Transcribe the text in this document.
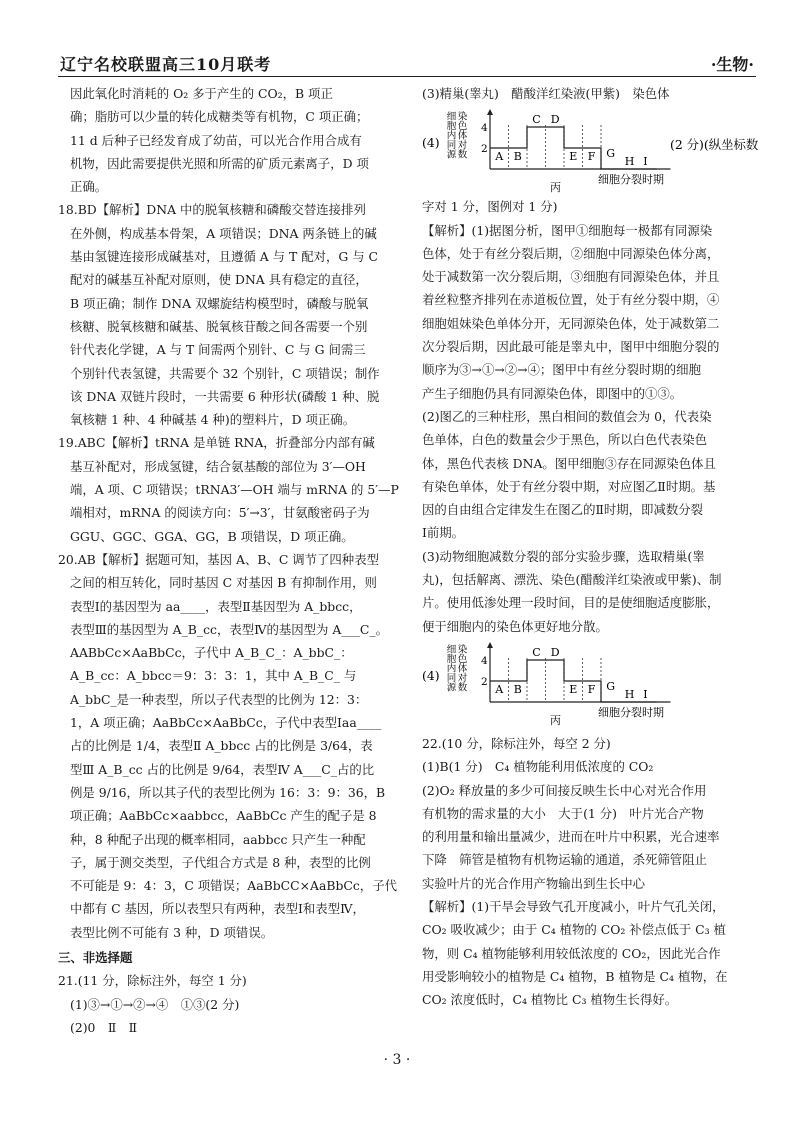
辽宁名校联盟高三10月联考	·生物·

因此氧化时消耗的 O₂ 多于产生的 CO₂，B 项正

确；脂肪可以少量的转化成糖类等有机物，C 项正确；

11 d 后种子已经发育成了幼苗，可以光合作用合成有

机物，因此需要提供光照和所需的矿质元素离子，D 项

正确。

18.BD【解析】DNA 中的脱氧核糖和磷酸交替连接排列

在外侧，构成基本骨架，A 项错误；DNA 两条链上的碱

基由氢键连接形成碱基对，且遵循 A 与 T 配对，G 与 C

配对的碱基互补配对原则，使 DNA 具有稳定的直径，

B 项正确；制作 DNA 双螺旋结构模型时，磷酸与脱氧

核糖、脱氧核糖和碱基、脱氧核苷酸之间各需要一个别

针代表化学键，A 与 T 间需两个别针、C 与 G 间需三

个别针代表氢键，共需要个 32 个别针，C 项错误；制作

该 DNA 双链片段时，一共需要 6 种形状(磷酸 1 种、脱

氧核糖 1 种、4 种碱基 4 种)的塑料片，D 项正确。

19.ABC【解析】tRNA 是单链 RNA，折叠部分内部有碱

基互补配对，形成氢键，结合氨基酸的部位为 3′—OH

端，A 项、C 项错误；tRNA3′—OH 端与 mRNA 的 5′—P

端相对，mRNA 的阅读方向：5′→3′，甘氨酸密码子为

GGU、GGC、GGA、GG，B 项错误，D 项正确。

20.AB【解析】据题可知，基因 A、B、C 调节了四种表型

之间的相互转化，同时基因 C 对基因 B 有抑制作用，则

表型Ⅰ的基因型为 aa____，表型Ⅱ基因型为 A_bbcc，

表型Ⅲ的基因型为 A_B_cc，表型Ⅳ的基因型为 A___C_。

AABbCc×AaBbCc，子代中 A_B_C_：A_bbC_：

A_B_cc：A_bbcc＝9：3：3：1，其中 A_B_C_ 与

A_bbC_是一种表型，所以子代表型的比例为 12：3：

1，A 项正确；AaBbCc×AaBbCc，子代中表型Ⅰaa____

占的比例是 1/4，表型Ⅱ A_bbcc 占的比例是 3/64，表

型Ⅲ A_B_cc 占的比例是 9/64，表型Ⅳ A___C_占的比

例是 9/16，所以其子代的表型比例为 16：3：9：36，B

项正确；AaBbCc×aabbcc，AaBbCc 产生的配子是 8

种，8 种配子出现的概率相同，aabbcc 只产生一种配

子，属于测交类型，子代组合方式是 8 种，表型的比例

不可能是 9：4：3，C 项错误；AaBbCC×AaBbCc，子代

中都有 C 基因，所以表型只有两种，表型Ⅰ和表型Ⅳ，

表型比例不可能有 3 种，D 项错误。

三、非选择题

21.(11 分，除标注外，每空 1 分)

(1)③→①→②→④　①③(2 分)

(2)0　Ⅱ　Ⅱ

(3)精巢(睾丸)　醋酸洋红染液(甲紫)　染色体

(4) 细胞内同源 染色体对数 2
4
A B
C D
E F G
H I
细胞分裂时期
丙
(2 分)(纵坐标数

字对 1 分，图例对 1 分)

【解析】(1)据图分析，图甲①细胞每一极都有同源染

色体，处于有丝分裂后期，②细胞中同源染色体分离，

处于减数第一次分裂后期，③细胞有同源染色体，并且

着丝粒整齐排列在赤道板位置，处于有丝分裂中期，④

细胞姐妹染色单体分开，无同源染色体，处于减数第二

次分裂后期，因此最可能是睾丸中，图甲中细胞分裂的

顺序为③→①→②→④；图甲中有丝分裂时期的细胞

产生子细胞仍具有同源染色体，即图中的①③。

(2)图乙的三种柱形，黑白相间的数值会为 0，代表染

色单体，白色的数量会少于黑色，所以白色代表染色

体，黑色代表核 DNA。图甲细胞③存在同源染色体且

有染色单体，处于有丝分裂中期，对应图乙Ⅱ时期。基

因的自由组合定律发生在图乙的Ⅱ时期，即减数分裂

Ⅰ前期。

(3)动物细胞减数分裂的部分实验步骤，选取精巢(睾

丸)，包括解离、漂洗、染色(醋酸洋红染液或甲紫)、制

片。使用低渗处理一段时间，目的是使细胞适度膨胀，

便于细胞内的染色体更好地分散。

(4) 细胞内同源 染色体对数 2
4
A B
C D
E F G
H I
细胞分裂时期
丙

22.(10 分，除标注外，每空 2 分)

(1)B(1 分)　C₄ 植物能利用低浓度的 CO₂

(2)O₂ 释放量的多少可间接反映生长中心对光合作用

有机物的需求量的大小　大于(1 分)　叶片光合产物

的利用量和输出量减少，进而在叶片中积累，光合速率

下降　筛管是植物有机物运输的通道，杀死筛管阻止

实验叶片的光合作用产物输出到生长中心

【解析】(1)干旱会导致气孔开度减小，叶片气孔关闭，

CO₂ 吸收减少；由于 C₄ 植物的 CO₂ 补偿点低于 C₃ 植

物，则 C₄ 植物能够利用较低浓度的 CO₂，因此光合作

用受影响较小的植物是 C₄ 植物，B 植物是 C₄ 植物，在

CO₂ 浓度低时，C₄ 植物比 C₃ 植物生长得好。

· 3 ·
